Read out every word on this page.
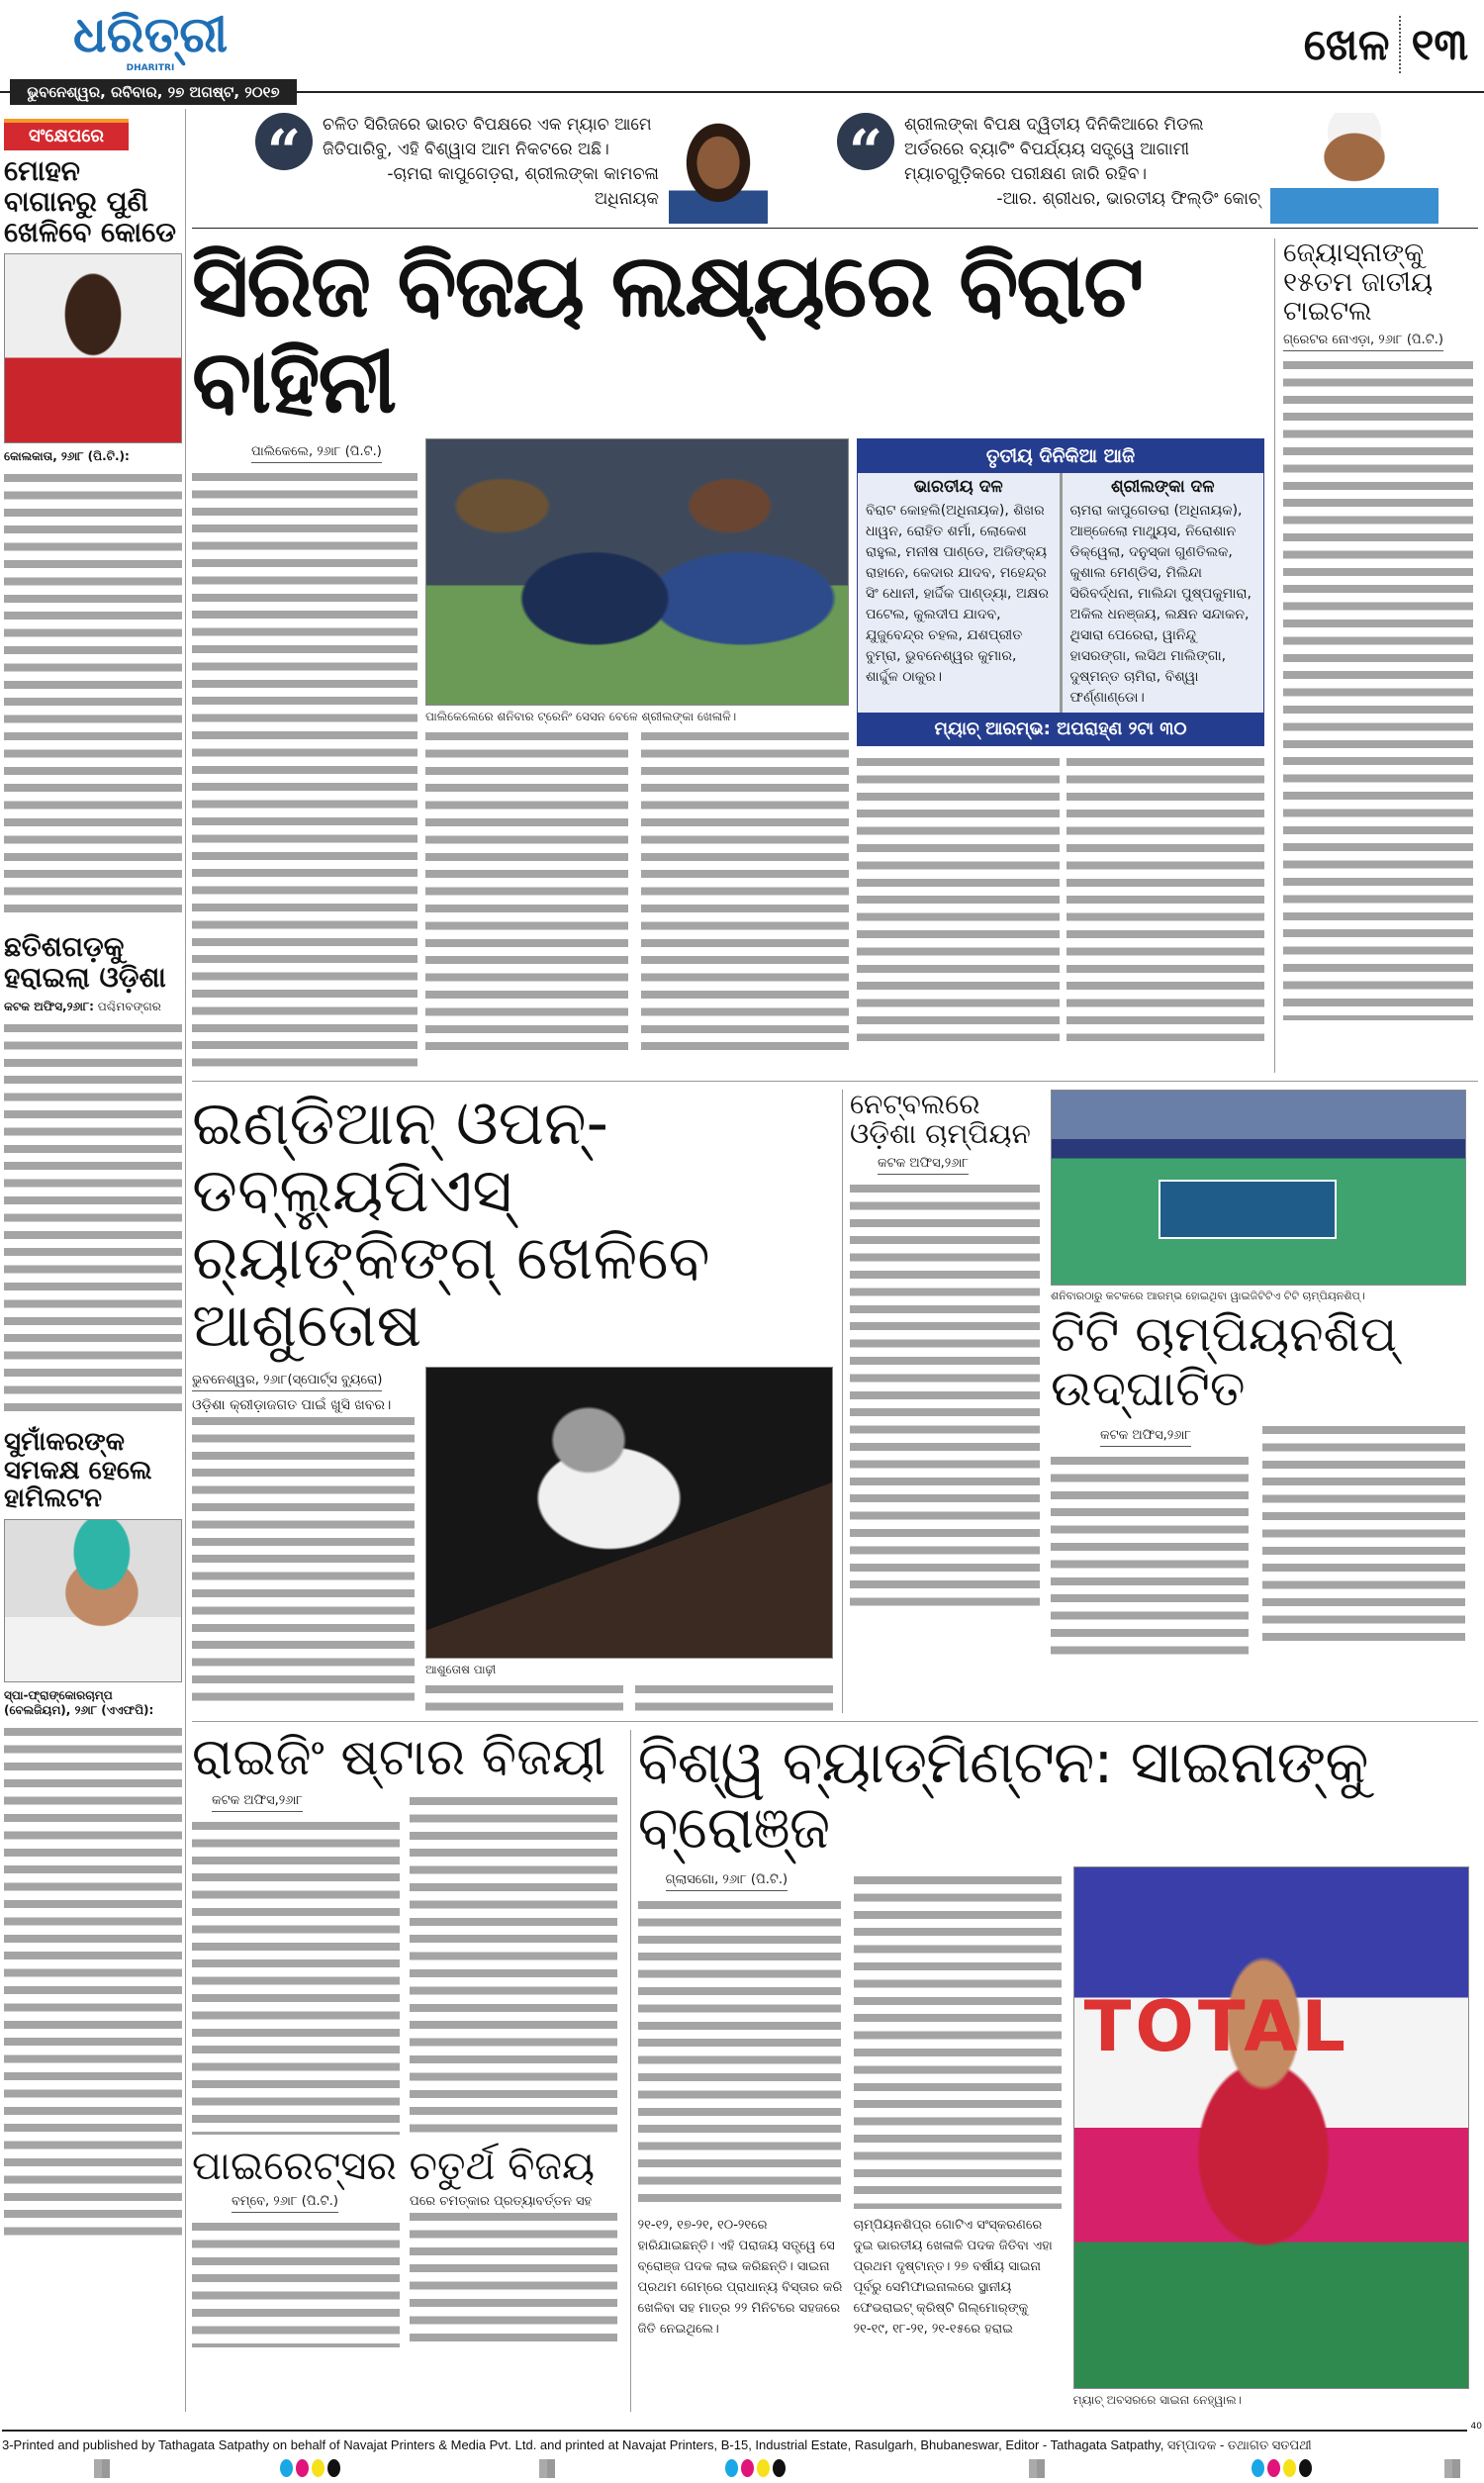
ଧରିତ୍ରୀ
DHARITRI
ଭୁବନେଶ୍ୱର, ରବିବାର, ୨୭ ଅଗଷ୍ଟ, ୨୦୧୭
ଖେଳ ୧୩
ସଂକ୍ଷେପରେ
ମୋହନ ବାଗାନରୁ ପୁଣି ଖେଳିବେ କୋଡେ
କୋଲକାତା, ୨୬ା୮ (ପି.ଟି.):
ଛତିଶଗଡ଼କୁ ହରାଇଲା ଓଡ଼ିଶା
କଟକ ଅଫିସ,୨୬ା୮: ପଶ୍ଚିମବଙ୍ଗର
ସୁମାଁକରଙ୍କ ସମକକ୍ଷ ହେଲେ ହାମିଲଟନ
ସ୍ପା-ଫ୍ରାଙ୍କୋରଚାମ୍ପ (ବେଲଜିୟମ), ୨୬ା୮ (ଏଏଫପି):
“	ଚଳିତ ସିରିଜରେ ଭାରତ ବିପକ୍ଷରେ ଏକ ମ୍ୟାଚ ଆମେ ଜିତିପାରିବୁ, ଏହି ବିଶ୍ୱାସ ଆମ ନିକଟରେ ଅଛି।
-ଚାମରା କାପୁଗେଡ଼ରା, ଶ୍ରୀଲଙ୍କା କାମଚଳା ଅଧିନାୟକ
“	ଶ୍ରୀଲଙ୍କା ବିପକ୍ଷ ଦ୍ୱିତୀୟ ଦିନିକିଆରେ ମିଡଲ ଅର୍ଡରରେ ବ୍ୟାଟିଂ ବିପର୍ଯ୍ୟୟ ସତ୍ତ୍ୱେ ଆଗାମୀ ମ୍ୟାଚଗୁଡ଼ିକରେ ପରୀକ୍ଷଣ ଜାରି ରହିବ।
-ଆର. ଶ୍ରୀଧର, ଭାରତୀୟ ଫିଲ୍ଡିଂ କୋଚ୍
ସିରିଜ ବିଜୟ ଲକ୍ଷ୍ୟରେ ବିରାଟ ବାହିନୀ
ପାଲିକେଲେ, ୨୬ା୮ (ପି.ଟି.)
ପାଲିକେଲେରେ ଶନିବାର ଟ୍ରେନିଂ ସେସନ ବେଳେ ଶ୍ରୀଲଙ୍କା ଖେଳାଳି।
ତୃତୀୟ ଦିନିକିଆ ଆଜି
ଭାରତୀୟ ଦଳ
ବିରାଟ କୋହଲି(ଅଧିନାୟକ), ଶିଖର ଧାୱନ, ରୋହିତ ଶର୍ମା, ଲୋକେଶ ରାହୁଲ, ମନୀଷ ପାଣ୍ଡେ, ଅଜିଙ୍କ୍ୟ ରାହାନେ, କେଦାର ଯାଦବ, ମହେନ୍ଦ୍ର ସିଂ ଧୋନୀ, ହାର୍ଦ୍ଦିକ ପାଣ୍ଡ୍ୟା, ଅକ୍ଷର ପଟେଲ, କୁଲଦୀପ ଯାଦବ, ଯୁଜୁବେନ୍ଦ୍ର ଚହଲ, ଯଶପ୍ରୀତ ବୁମ୍ରା, ଭୁବନେଶ୍ୱର କୁମାର, ଶାର୍ଦ୍ଦୁଳ ଠାକୁର।
ଶ୍ରୀଲଙ୍କା ଦଳ
ଚାମରା କାପୁଗେଡରା (ଅଧିନାୟକ), ଆଞ୍ଜେଲୋ ମାଥ୍ୟୁସ, ନିରୋଶାନ ଡିକ୍‌ୱେଲା, ଦନୁସ୍କା ଗୁଣତିଲକ, କୁଶାଲ ମେଣ୍ଡିସ, ମିଲିନ୍ଦା ସିରିବର୍ଦ୍ଧନା, ମାଲିନ୍ଦା ପୁଷ୍ପକୁମାରା, ଅକିଲ ଧନଞ୍ଜୟ, ଲକ୍ଷନ ସନ୍ଦାକନ, ଥିସାରା ପେରେରା, ୱାନିନ୍ଦୁ ହାସରଙ୍ଗା, ଲସିଥ ମାଲିଙ୍ଗା, ଦୁଷ୍ମନ୍ତ ଚାମିରା, ବିଶ୍ୱା ଫର୍ଣ୍ଣାଣ୍ଡୋ।
ମ୍ୟାଚ୍ ଆରମ୍ଭ: ଅପରାହ୍ଣ ୨ଟା ୩୦
ଜ୍ୟୋସ୍ନାଙ୍କୁ ୧୫ତମ ଜାତୀୟ ଟାଇଟଲ
ଗ୍ରେଟର ନୋଏଡ଼ା, ୨୬ା୮ (ପି.ଟି.)
ଇଣ୍ଡିଆନ୍ ଓପନ୍-ଡବ୍ଲ୍ୟୁପିଏସ୍
ର୍‍ୟାଙ୍କିଙ୍ଗ୍ ଖେଳିବେ ଆଶୁତୋଷ
ଭୁବନେଶ୍ୱର, ୨୬ା୮(ସ୍ପୋର୍ଟ୍ସ ବ୍ୟୁରୋ)
ଓଡ଼ିଶା କ୍ରୀଡ଼ାଜଗତ ପାଇଁ ଖୁସି ଖବର।
ଆଶୁତୋଷ ପାଢ଼ୀ
ନେଟ୍‌ବଲରେ ଓଡ଼ିଶା ଚାମ୍ପିୟନ
କଟକ ଅଫିସ,୨୬ା୮
ଶନିବାରଠାରୁ କଟକରେ ଆରମ୍ଭ ହୋଇଥିବା ୱାଇଜିଟିଟିଏ ଟିଟି ଚାମ୍ପିୟନଶିପ୍।
ଟିଟି ଚାମ୍ପିୟନଶିପ୍ ଉଦ୍‌ଘାଟିତ
କଟକ ଅଫିସ,୨୬ା୮
ରାଇଜିଂ ଷ୍ଟାର ବିଜୟୀ
କଟକ ଅଫିସ,୨୬ା୮
ପାଇରେଟ୍ସର ଚତୁର୍ଥ ବିଜୟ
ବମ୍ବେ, ୨୬ା୮ (ପି.ଟି.)	ପରେ ଚମତ୍କାର ପ୍ରତ୍ୟାବର୍ତ୍ତନ ସହ
ବିଶ୍ୱ ବ୍ୟାଡ୍‌ମିଣ୍ଟନ: ସାଇନାଙ୍କୁ ବ୍ରୋଞ୍ଜ
ଗ୍ଲାସଗୋ, ୨୬ା୮ (ପି.ଟି.)
୨୧-୧୨, ୧୭-୨୧, ୧୦-୨୧ରେ ହାରିଯାଇଛନ୍ତି। ଏହି ପରାଜୟ ସତ୍ତ୍ୱେ ସେ ବ୍ରୋଞ୍ଜ ପଦକ ଲାଭ କରିଛନ୍ତି। ସାଇନା ପ୍ରଥମ ଗେମ୍‌ରେ ପ୍ରାଧାନ୍ୟ ବିସ୍ତାର କରି ଖେଳିବା ସହ ମାତ୍ର ୨୨ ମିନିଟରେ ସହଜରେ ଜିତି ନେଇଥିଲେ।
ଚାମ୍ପିୟନଶିପ୍‌ର ଗୋଟିଏ ସଂସ୍କରଣରେ ଦୁଇ ଭାରତୀୟ ଖେଳାଳି ପଦକ ଜିତିବା ଏହା ପ୍ରଥମ ଦୃଷ୍ଟାନ୍ତ। ୨୭ ବର୍ଷୀୟ ସାଇନା ପୂର୍ବରୁ ସେମିଫାଇନାଲରେ ସ୍ଥାନୀୟ ଫେଭରାଇଟ୍ କ୍ରିଷ୍ଟି ଗିଲ୍‌ମୋର୍‌ଙ୍କୁ ୨୧-୧୯, ୧୮-୨୧, ୨୧-୧୫ରେ ହରାଇ
TOTAL
ମ୍ୟାଚ୍ ଅବସରରେ ସାଇନା ନେହ୍ୱାଲ।
40
3-Printed and published by Tathagata Satpathy on behalf of Navajat Printers & Media Pvt. Ltd. and printed at Navajat Printers, B-15, Industrial Estate, Rasulgarh, Bhubaneswar, Editor - Tathagata Satpathy, ସମ୍ପାଦକ - ତଥାଗତ ସତପଥୀ
